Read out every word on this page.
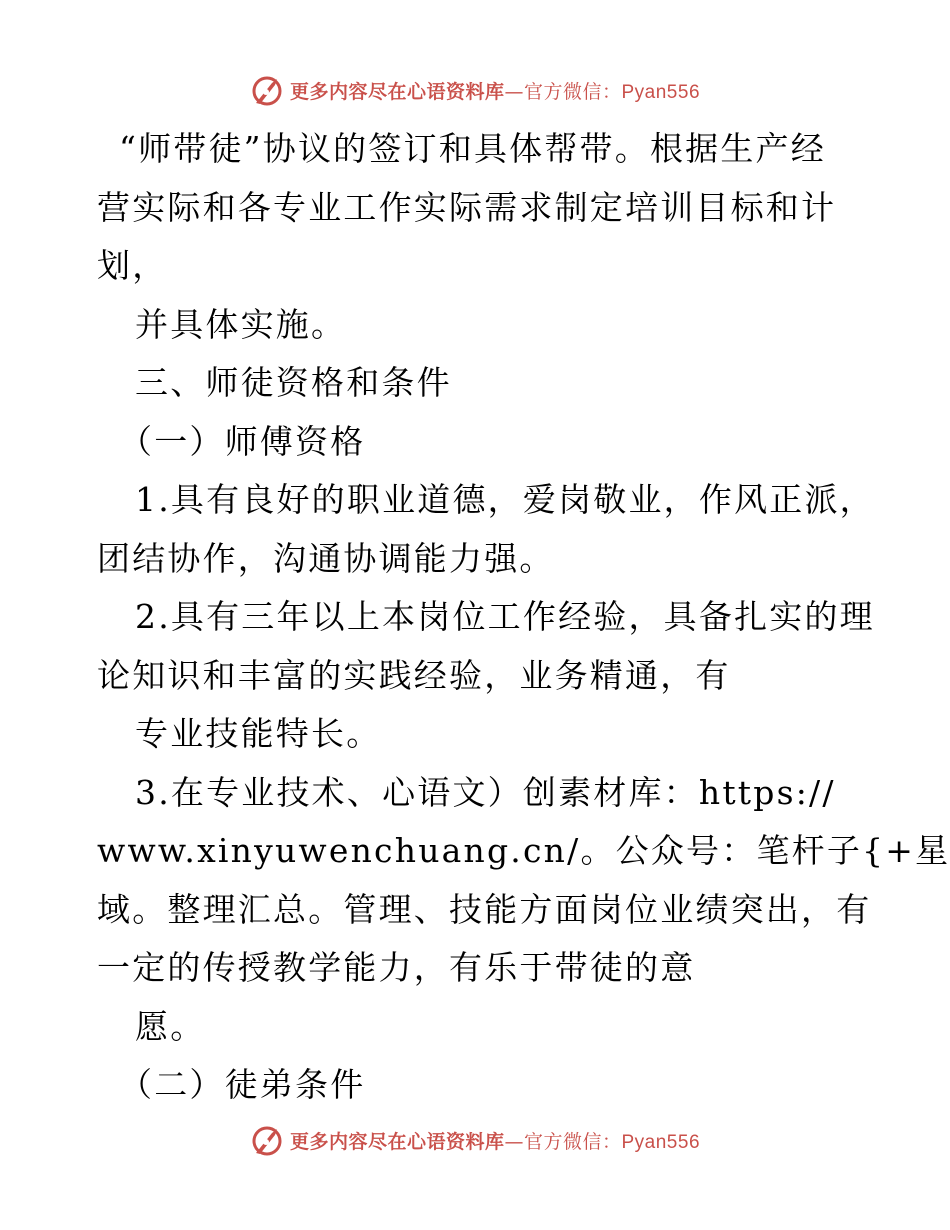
更多内容尽在心语资料库—官方微信：Pyan556
“师带徒”协议的签订和具体帮带。根据生产经
营实际和各专业工作实际需求制定培训目标和计
划，
并具体实施。
三、师徒资格和条件
（一）师傅资格
1.具有良好的职业道德，爱岗敬业，作风正派，
团结协作，沟通协调能力强。
2.具有三年以上本岗位工作经验，具备扎实的理
论知识和丰富的实践经验，业务精通，有
专业技能特长。
3.在专业技术、心语文）创素材库：https://
www.xinyuwenchuang.cn/。公众号：笔杆子{+星
域。整理汇总。管理、技能方面岗位业绩突出，有
一定的传授教学能力，有乐于带徒的意
愿。
（二）徒弟条件
更多内容尽在心语资料库—官方微信：Pyan556
